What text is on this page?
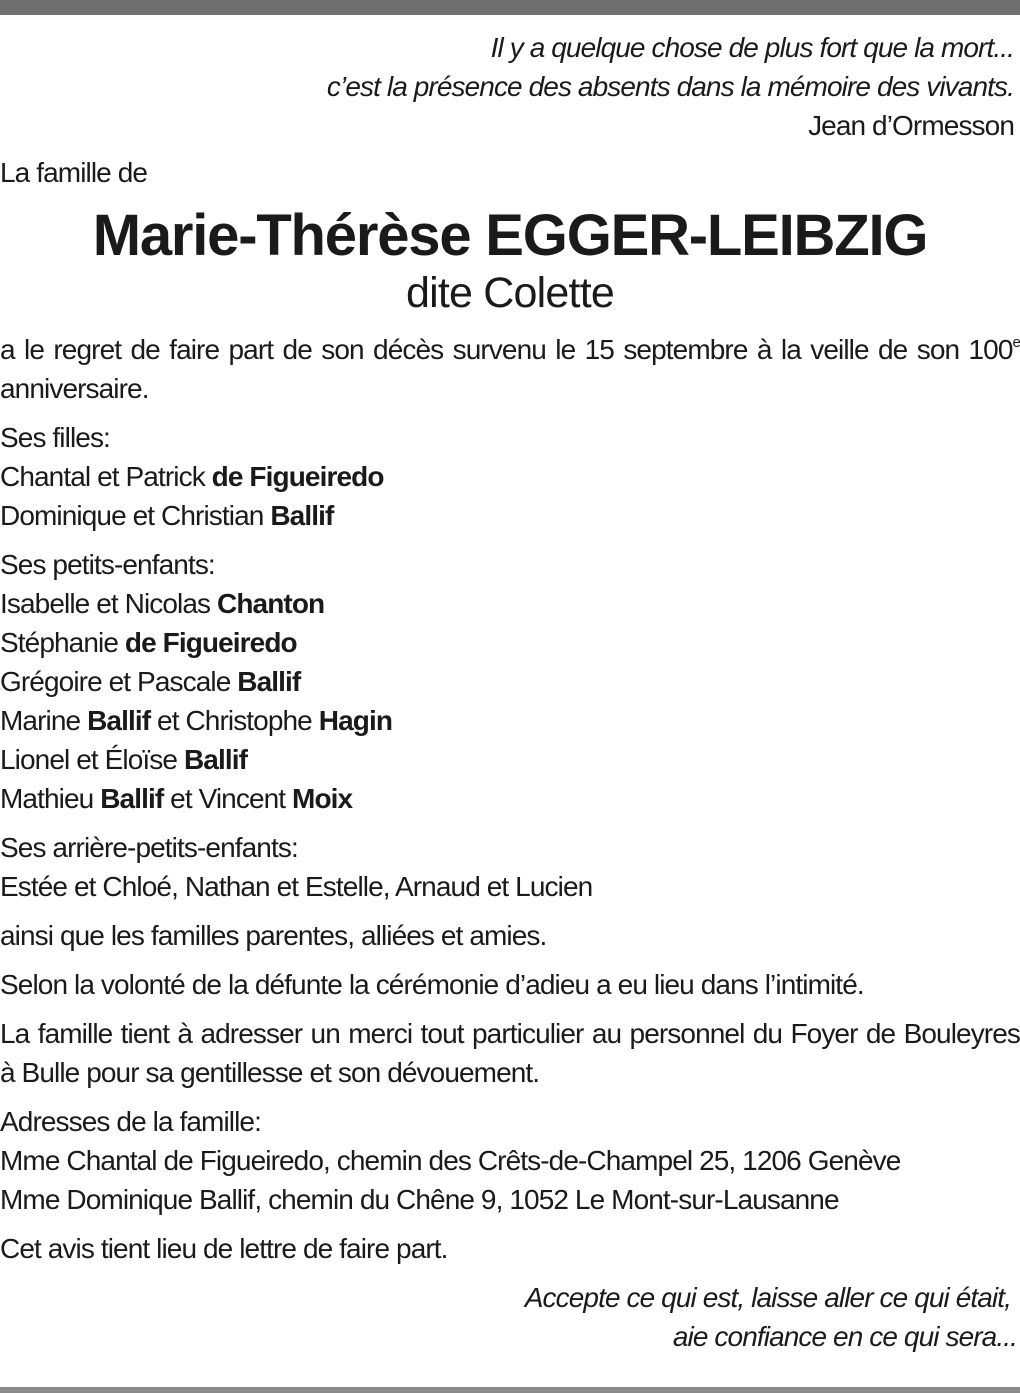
Il y a quelque chose de plus fort que la mort...
c’est la présence des absents dans la mémoire des vivants.
Jean d’Ormesson

La famille de

Marie-Thérèse EGGER-LEIBZIG
dite Colette

a le regret de faire part de son décès survenu le 15 septembre à la veille de son 100e anniversaire.

Ses filles:
Chantal et Patrick de Figueiredo
Dominique et Christian Ballif
Ses petits-enfants:
Isabelle et Nicolas Chanton
Stéphanie de Figueiredo
Grégoire et Pascale Ballif
Marine Ballif et Christophe Hagin
Lionel et Éloïse Ballif
Mathieu Ballif et Vincent Moix
Ses arrière-petits-enfants:
Estée et Chloé, Nathan et Estelle, Arnaud et Lucien

ainsi que les familles parentes, alliées et amies.

Selon la volonté de la défunte la cérémonie d’adieu a eu lieu dans l’intimité.

La famille tient à adresser un merci tout particulier au personnel du Foyer de Bouleyres à Bulle pour sa gentillesse et son dévouement.

Adresses de la famille:
Mme Chantal de Figueiredo, chemin des Crêts-de-Champel 25, 1206 Genève
Mme Dominique Ballif, chemin du Chêne 9, 1052 Le Mont-sur-Lausanne

Cet avis tient lieu de lettre de faire part.

Accepte ce qui est, laisse aller ce qui était,
aie confiance en ce qui sera...
